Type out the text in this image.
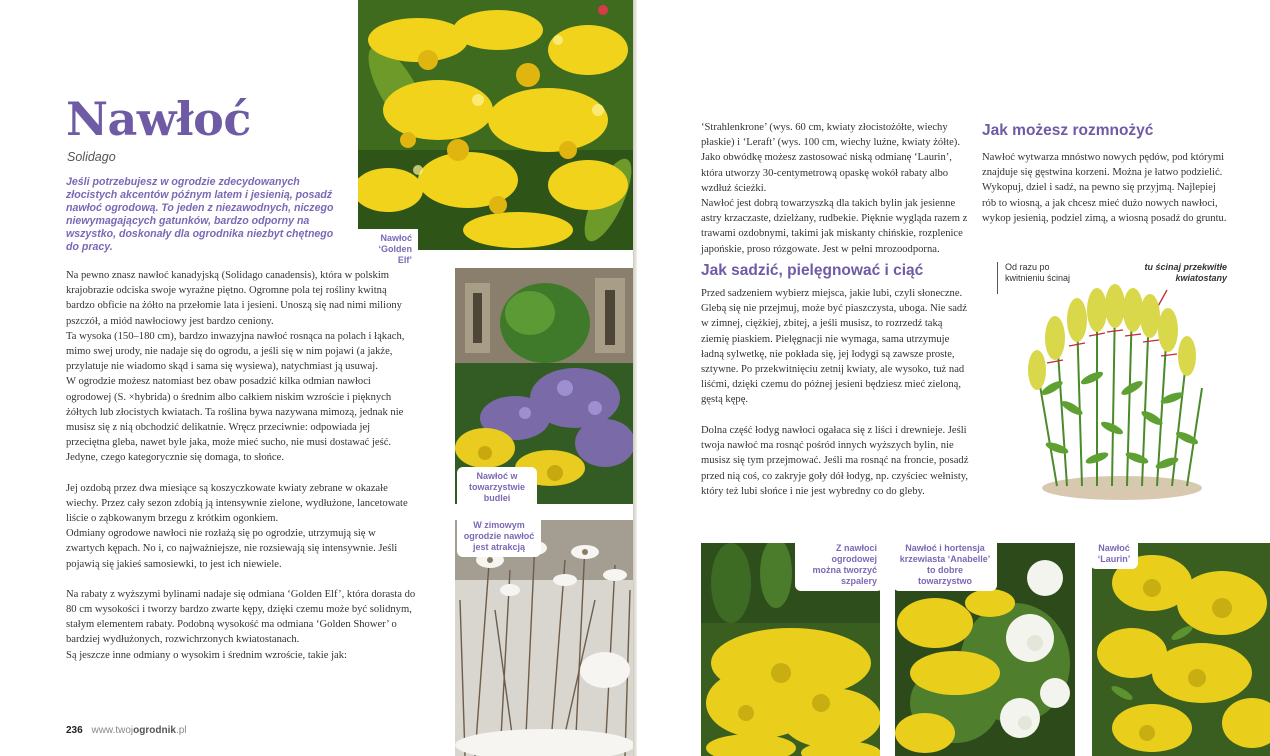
Nawłoć ‘Golden Elf’
Nawłoć w towarzystwie budlei
W zimowym ogrodzie nawłoć jest atrakcją
Nawłoć
Solidago

Jeśli potrzebujesz w ogrodzie zdecydowanych złocistych akcentów późnym latem i jesienią, posadź nawłoć ogrodową. To jeden z niezawodnych, niczego niewymagających gatunków, bardzo odporny na wszystko, doskonały dla ogrodnika niezbyt chętnego do pracy.

Na pewno znasz nawłoć kanadyjską (Solidago canadensis), która w polskim krajobrazie odciska swoje wyraźne piętno. Ogromne pola tej rośliny kwitną bardzo obficie na żółto na przełomie lata i jesieni. Unoszą się nad nimi miliony pszczół, a miód nawłociowy jest bardzo ceniony.

Ta wysoka (150–180 cm), bardzo inwazyjna nawłoć rosnąca na polach i łąkach, mimo swej urody, nie nadaje się do ogrodu, a jeśli się w nim pojawi (a jakże, przylatuje nie wiadomo skąd i sama się wysiewa), natychmiast ją usuwaj.

W ogrodzie możesz natomiast bez obaw posadzić kilka odmian nawłoci ogrodowej (S. ×hybrida) o średnim albo całkiem niskim wzroście i pięknych żółtych lub złocistych kwiatach. Ta roślina bywa nazywana mimozą, jednak nie musisz się z nią obchodzić delikatnie. Wręcz przeciwnie: odpowiada jej przeciętna gleba, nawet byle jaka, może mieć sucho, nie musi dostawać jeść. Jedyne, czego kategorycznie się domaga, to słońce.

Jej ozdobą przez dwa miesiące są koszyczkowate kwiaty zebrane w okazałe wiechy. Przez cały sezon zdobią ją intensywnie zielone, wydłużone, lancetowate liście o ząbkowanym brzegu z krótkim ogonkiem.

Odmiany ogrodowe nawłoci nie rozłażą się po ogrodzie, utrzymują się w zwartych kępach. No i, co najważniejsze, nie rozsiewają się intensywnie. Jeśli pojawią się jakieś samosiewki, to jest ich niewiele.

Na rabaty z wyższymi bylinami nadaje się odmiana ‘Golden Elf’, która dorasta do 80 cm wysokości i tworzy bardzo zwarte kępy, dzięki czemu może być solidnym, stałym elementem rabaty. Podobną wysokość ma odmiana ‘Golden Shower’ o bardziej wydłużonych, rozwichrzonych kwiatostanach.

Są jeszcze inne odmiany o wysokim i średnim wzroście, takie jak:

236 www.twojogrodnik.pl

‘Strahlenkrone’ (wys. 60 cm, kwiaty złocistożółte, wiechy płaskie) i ‘Leraft’ (wys. 100 cm, wiechy luźne, kwiaty żółte). Jako obwódkę możesz zastosować niską odmianę ‘Laurin’, która utworzy 30-centymetrową opaskę wokół rabaty albo wzdłuż ścieżki.

Nawłoć jest dobrą towarzyszką dla takich bylin jak jesienne astry krzaczaste, dzielżany, rudbekie. Pięknie wygląda razem z trawami ozdobnymi, takimi jak miskanty chińskie, rozplenice japońskie, proso rózgowate. Jest w pełni mrozoodporna.

Jak sadzić, pielęgnować i ciąć

Przed sadzeniem wybierz miejsca, jakie lubi, czyli słoneczne. Glebą się nie przejmuj, może być piaszczysta, uboga. Nie sadź w zimnej, ciężkiej, zbitej, a jeśli musisz, to rozrzedź taką ziemię piaskiem. Pielęgnacji nie wymaga, sama utrzymuje ładną sylwetkę, nie pokłada się, jej łodygi są zawsze proste, sztywne. Po przekwitnięciu zetnij kwiaty, ale wysoko, tuż nad liśćmi, dzięki czemu do późnej jesieni będziesz mieć zieloną, gęstą kępę.

Dolna część łodyg nawłoci ogałaca się z liści i drewnieje. Jeśli twoja nawłoć ma rosnąć pośród innych wyższych bylin, nie musisz się tym przejmować. Jeśli ma rosnąć na froncie, posadź przed nią coś, co zakryje goły dół łodyg, np. czyściec wełnisty, który też lubi słońce i nie jest wybredny co do gleby.

Jak możesz rozmnożyć

Nawłoć wytwarza mnóstwo nowych pędów, pod którymi znajduje się gęstwina korzeni. Można je łatwo podzielić. Wykopuj, dziel i sadź, na pewno się przyjmą. Najlepiej rób to wiosną, a jak chcesz mieć dużo nowych nawłoci, wykop jesienią, podziel zimą, a wiosną posadź do gruntu.

Od razu po kwitnieniu ścinaj
tu ścinaj przekwitłe kwiatostany
Z nawłoci ogrodowej można tworzyć szpalery
Nawłoć i hortensja krzewiasta ‘Anabelle’ to dobre towarzystwo
Nawłoć ‘Laurin’
